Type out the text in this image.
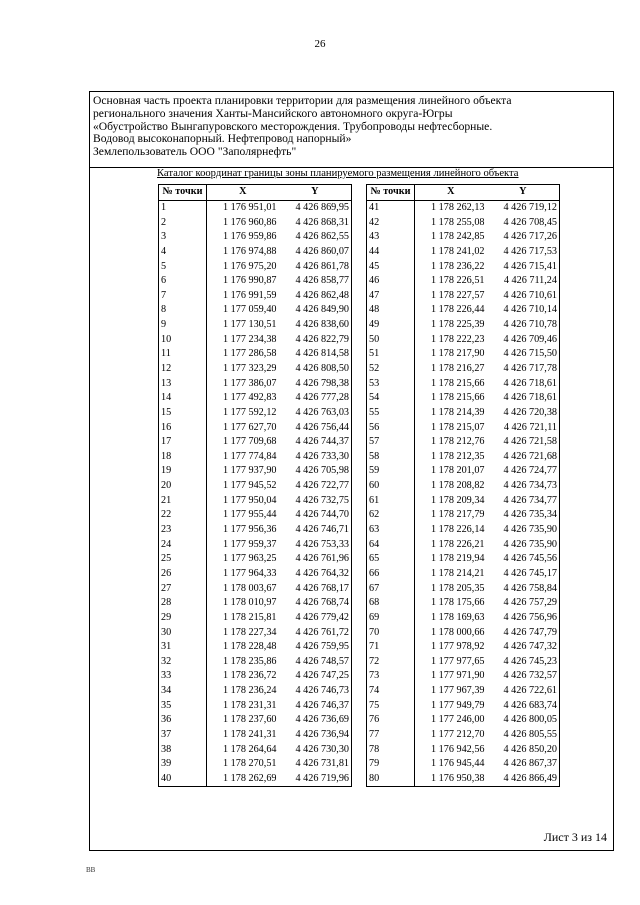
26
Основная часть проекта планировки территории для размещения линейного объекта
регионального значения Ханты-Мансийского автономного округа-Югры
«Обустройство Вынгапуровского месторождения. Трубопроводы нефтесборные.
Водовод высоконапорный. Нефтепровод напорный»
Землепользователь ООО "Заполярнефть"
Каталог координат границы зоны планируемого размещения линейного объекта
№ точки	X	Y
1	1 176 951,01	4 426 869,95
2	1 176 960,86	4 426 868,31
3	1 176 959,86	4 426 862,55
4	1 176 974,88	4 426 860,07
5	1 176 975,20	4 426 861,78
6	1 176 990,87	4 426 858,77
7	1 176 991,59	4 426 862,48
8	1 177 059,40	4 426 849,90
9	1 177 130,51	4 426 838,60
10	1 177 234,38	4 426 822,79
11	1 177 286,58	4 426 814,58
12	1 177 323,29	4 426 808,50
13	1 177 386,07	4 426 798,38
14	1 177 492,83	4 426 777,28
15	1 177 592,12	4 426 763,03
16	1 177 627,70	4 426 756,44
17	1 177 709,68	4 426 744,37
18	1 177 774,84	4 426 733,30
19	1 177 937,90	4 426 705,98
20	1 177 945,52	4 426 722,77
21	1 177 950,04	4 426 732,75
22	1 177 955,44	4 426 744,70
23	1 177 956,36	4 426 746,71
24	1 177 959,37	4 426 753,33
25	1 177 963,25	4 426 761,96
26	1 177 964,33	4 426 764,32
27	1 178 003,67	4 426 768,17
28	1 178 010,97	4 426 768,74
29	1 178 215,81	4 426 779,42
30	1 178 227,34	4 426 761,72
31	1 178 228,48	4 426 759,95
32	1 178 235,86	4 426 748,57
33	1 178 236,72	4 426 747,25
34	1 178 236,24	4 426 746,73
35	1 178 231,31	4 426 746,37
36	1 178 237,60	4 426 736,69
37	1 178 241,31	4 426 736,94
38	1 178 264,64	4 426 730,30
39	1 178 270,51	4 426 731,81
40	1 178 262,69	4 426 719,96
№ точки	X	Y
41	1 178 262,13	4 426 719,12
42	1 178 255,08	4 426 708,45
43	1 178 242,85	4 426 717,26
44	1 178 241,02	4 426 717,53
45	1 178 236,22	4 426 715,41
46	1 178 226,51	4 426 711,24
47	1 178 227,57	4 426 710,61
48	1 178 226,44	4 426 710,14
49	1 178 225,39	4 426 710,78
50	1 178 222,23	4 426 709,46
51	1 178 217,90	4 426 715,50
52	1 178 216,27	4 426 717,78
53	1 178 215,66	4 426 718,61
54	1 178 215,66	4 426 718,61
55	1 178 214,39	4 426 720,38
56	1 178 215,07	4 426 721,11
57	1 178 212,76	4 426 721,58
58	1 178 212,35	4 426 721,68
59	1 178 201,07	4 426 724,77
60	1 178 208,82	4 426 734,73
61	1 178 209,34	4 426 734,77
62	1 178 217,79	4 426 735,34
63	1 178 226,14	4 426 735,90
64	1 178 226,21	4 426 735,90
65	1 178 219,94	4 426 745,56
66	1 178 214,21	4 426 745,17
67	1 178 205,35	4 426 758,84
68	1 178 175,66	4 426 757,29
69	1 178 169,63	4 426 756,96
70	1 178 000,66	4 426 747,79
71	1 177 978,92	4 426 747,32
72	1 177 977,65	4 426 745,23
73	1 177 971,90	4 426 732,57
74	1 177 967,39	4 426 722,61
75	1 177 949,79	4 426 683,74
76	1 177 246,00	4 426 800,05
77	1 177 212,70	4 426 805,55
78	1 176 942,56	4 426 850,20
79	1 176 945,44	4 426 867,37
80	1 176 950,38	4 426 866,49
Лист 3 из 14
ВВ
